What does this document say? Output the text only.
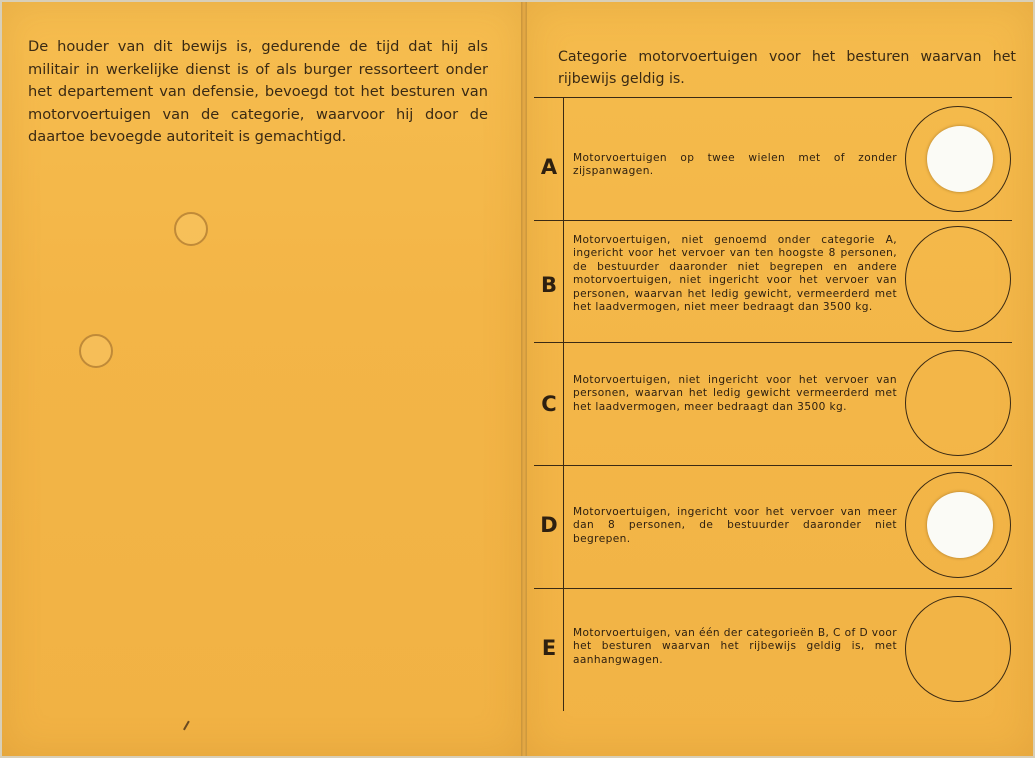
De houder van dit bewijs is, gedurende de tijd dat hij als militair in werkelijke dienst is of als burger ressorteert onder het departement van defensie, bevoegd tot het besturen van motorvoertuigen van de categorie, waarvoor hij door de daartoe bevoegde autoriteit is gemachtigd.

Categorie motorvoertuigen voor het besturen waarvan het rijbewijs geldig is.

A Motorvoertuigen op twee wielen met of zonder zijspanwagen.

B

Motorvoertuigen, niet genoemd onder categorie A, ingericht voor het vervoer van ten hoogste 8 personen, de bestuurder daaronder niet begrepen en andere motorvoertuigen, niet ingericht voor het vervoer van personen, waarvan het ledig gewicht, vermeerderd met het laadvermogen, niet meer bedraagt dan 3500 kg.

C

Motorvoertuigen, niet ingericht voor het vervoer van personen, waarvan het ledig gewicht vermeerderd met het laadvermogen, meer bedraagt dan 3500 kg.

D

Motorvoertuigen, ingericht voor het vervoer van meer dan 8 personen, de bestuurder daaronder niet begrepen.

E

Motorvoertuigen, van één der categorieën B, C of D voor het besturen waarvan het rijbewijs geldig is, met aanhangwagen.
